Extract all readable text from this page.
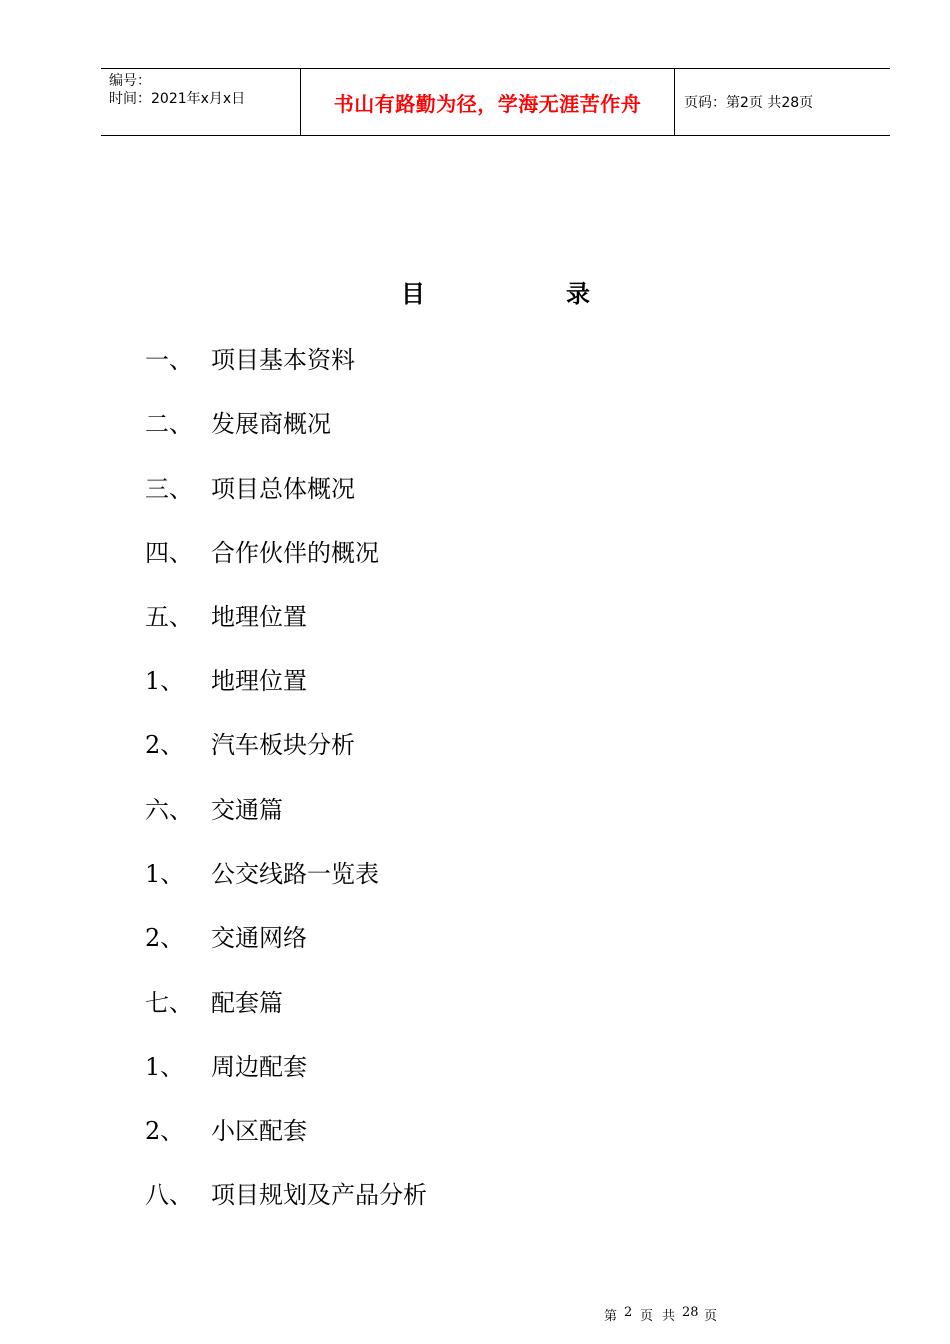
编号：
时间：2021年x月x日	书山有路勤为径，学海无涯苦作舟	页码：第2页 共28页
目	录
一、 项目基本资料
二、 发展商概况
三、 项目总体概况
四、 合作伙伴的概况
五、 地理位置
1、 地理位置
2、 汽车板块分析
六、 交通篇
1、 公交线路一览表
2、 交通网络
七、 配套篇
1、 周边配套
2、 小区配套
八、 项目规划及产品分析
第 2 页 共 28 页
